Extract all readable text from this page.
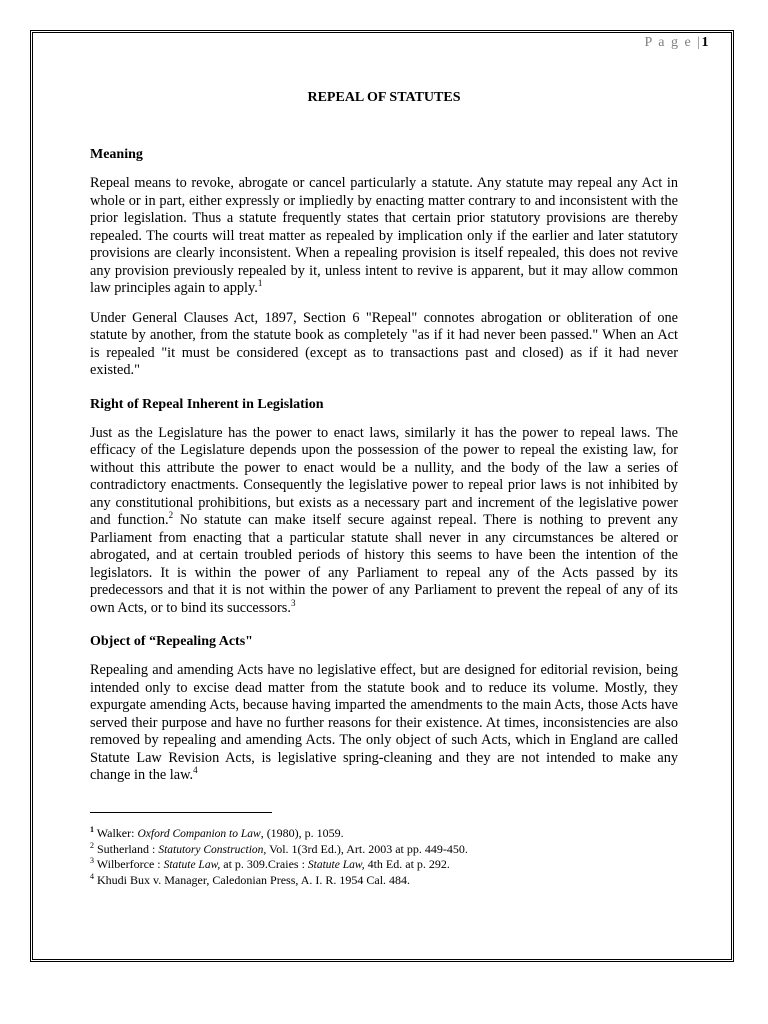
P a g e |1
REPEAL OF STATUTES
Meaning

Repeal means to revoke, abrogate or cancel particularly a statute. Any statute may repeal any Act in whole or in part, either expressly or impliedly by enacting matter contrary to and inconsistent with the prior legislation. Thus a statute frequently states that certain prior statutory provisions are thereby repealed. The courts will treat matter as repealed by implication only if the earlier and later statutory provisions are clearly inconsistent. When a repealing provision is itself repealed, this does not revive any provision previously repealed by it, unless intent to revive is apparent, but it may allow common law principles again to apply.$^1$

Under General Clauses Act, 1897, Section 6 "Repeal" connotes abrogation or obliteration of one statute by another, from the statute book as completely "as if it had never been passed." When an Act is repealed "it must be considered (except as to transactions past and closed) as if it had never existed."

Right of Repeal Inherent in Legislation

Just as the Legislature has the power to enact laws, similarly it has the power to repeal laws. The efficacy of the Legislature depends upon the possession of the power to repeal the existing law, for without this attribute the power to enact would be a nullity, and the body of the law a series of contradictory enactments. Consequently the legislative power to repeal prior laws is not inhibited by any constitutional prohibitions, but exists as a necessary part and increment of the legislative power and function.$^2$ No statute can make itself secure against repeal. There is nothing to prevent any Parliament from enacting that a particular statute shall never in any circumstances be altered or abrogated, and at certain troubled periods of history this seems to have been the intention of the legislators. It is within the power of any Parliament to repeal any of the Acts passed by its predecessors and that it is not within the power of any Parliament to prevent the repeal of any of its own Acts, or to bind its successors.$^3$

Object of “Repealing Acts"

Repealing and amending Acts have no legislative effect, but are designed for editorial revision, being intended only to excise dead matter from the statute book and to reduce its volume. Mostly, they expurgate amending Acts, because having imparted the amendments to the main Acts, those Acts have served their purpose and have no further reasons for their existence. At times, inconsistencies are also removed by repealing and amending Acts. The only object of such Acts, which in England are called Statute Law Revision Acts, is legislative spring-cleaning and they are not intended to make any change in the law.$^4$

$^1$ Walker: Oxford Companion to Law, (1980), p. 1059.
$^2$ Sutherland : Statutory Construction, Vol. 1(3rd Ed.), Art. 2003 at pp. 449-450.
$^3$ Wilberforce : Statute Law, at p. 309.Craies : Statute Law, 4th Ed. at p. 292.
$^4$ Khudi Bux v. Manager, Caledonian Press, A. I. R. 1954 Cal. 484.
